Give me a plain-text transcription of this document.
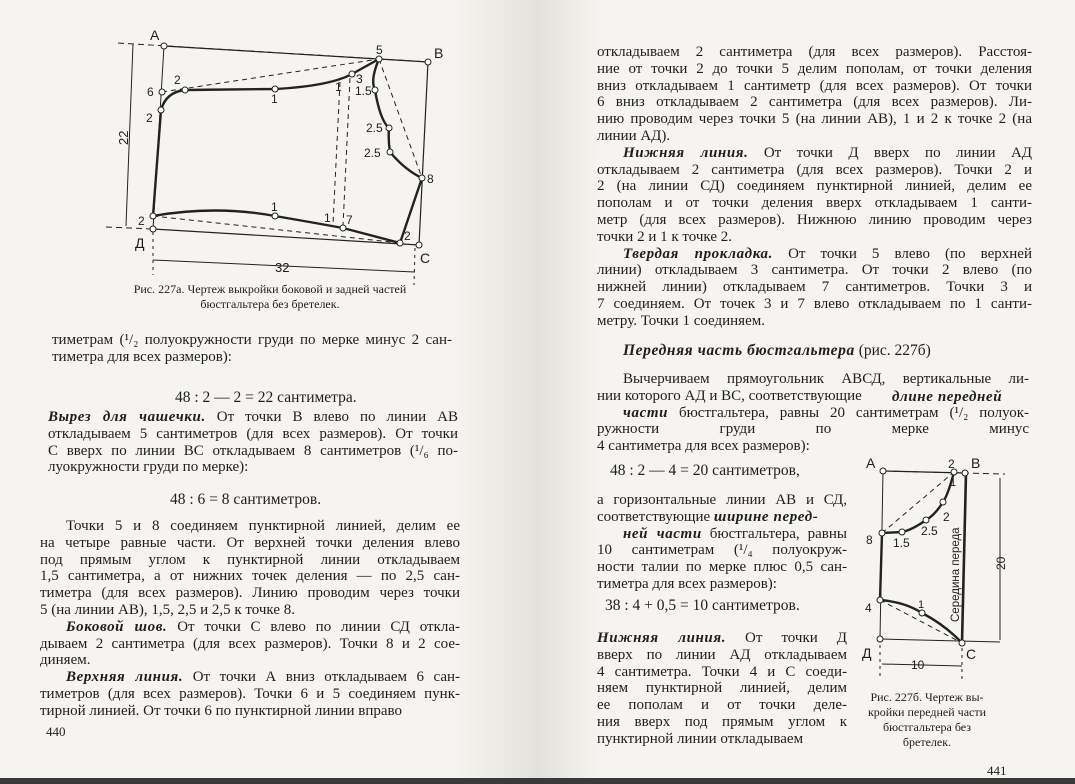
тиметрам (¹/₂ полуокружности груди по мерке минус 2 сан-
тиметра для всех размеров):
48 : 2 — 2 = 22 сантиметра.
Вырез для чашечки. От точки В влево по линии АВ
откладываем 5 сантиметров (для всех размеров). От точки
С вверх по линии ВС откладываем 8 сантиметров (¹/₆ по-
луокружности груди по мерке):
48 : 6 = 8 сантиметров.
Точки 5 и 8 соединяем пунктирной линией, делим ее
на четыре равные части. От верхней точки деления влево
под прямым углом к пунктирной линии откладываем
1,5 сантиметра, а от нижних точек деления — по 2,5 сан-
тиметра (для всех размеров). Линию проводим через точки
5 (на линии АВ), 1,5, 2,5 и 2,5 к точке 8.
Боковой шов. От точки С влево по линии СД откла-
дываем 2 сантиметра (для всех размеров). Точки 8 и 2 сое-
диняем.
Верхняя линия. От точки А вниз откладываем 6 сан-
тиметров (для всех размеров). Точки 6 и 5 соединяем пунк-
тирной линией. От точки 6 по пунктирной линии вправо
440
Рис. 227а. Чертеж выкройки боковой и задней частей
бюстгальтера без бретелек.
откладываем 2 сантиметра (для всех размеров). Расстоя-
ние от точки 2 до точки 5 делим пополам, от точки деления
вниз откладываем 1 сантиметр (для всех размеров). От точки
6 вниз откладываем 2 сантиметра (для всех размеров). Ли-
нию проводим через точки 5 (на линии АВ), 1 и 2 к точке 2 (на
линии АД).
Нижняя линия. От точки Д вверх по линии АД
откладываем 2 сантиметра (для всех размеров). Точки 2 и
2 (на линии СД) соединяем пунктирной линией, делим ее
пополам и от точки деления вверх откладываем 1 санти-
метр (для всех размеров). Нижнюю линию проводим через
точки 2 и 1 к точке 2.
Твердая прокладка. От точки 5 влево (по верхней
линии) откладываем 3 сантиметра. От точки 2 влево (по
нижней линии) откладываем 7 сантиметров. Точки 3 и
7 соединяем. От точек 3 и 7 влево откладываем по 1 санти-
метру. Точки 1 соединяем.
Передняя часть бюстгальтера (рис. 227б)
Вычерчиваем прямоугольник АВСД, вертикальные ли-
нии которого АД и ВС, соответствующие
части бюстгальтера, равны 20 сантиметрам (¹/₂ полуок-
ружности груди по мерке минус
4 сантиметра для всех размеров):
длине передней
48 : 2 — 4 = 20 сантиметров,
а горизонтальные линии АВ и СД,
соответствующие ширине перед-
ней части бюстгальтера, равны
10 сантиметрам (¹/₄ полуокруж-
ности талии по мерке плюс 0,5 сан-
тиметра для всех размеров):
38 : 4 + 0,5 = 10 сантиметров.
Нижняя линия. От точки Д
вверх по линии АД откладываем
4 сантиметра. Точки 4 и С соеди-
няем пунктирной линией, делим
ее пополам и от точки деле-
ния вверх под прямым углом к
пунктирной линии откладываем
Рис. 227б. Чертеж вы-
кройки передней части
бюстгальтера без
бретелек.
441
А
В
5
3
6
2
2
1
1 1.5
2.5
2.5
8
2
1
1 7
2
Д
С
32
22
А	2 В
1
2
2.5
1.5
8
4	1
Д	С
10
Середина переда	20
